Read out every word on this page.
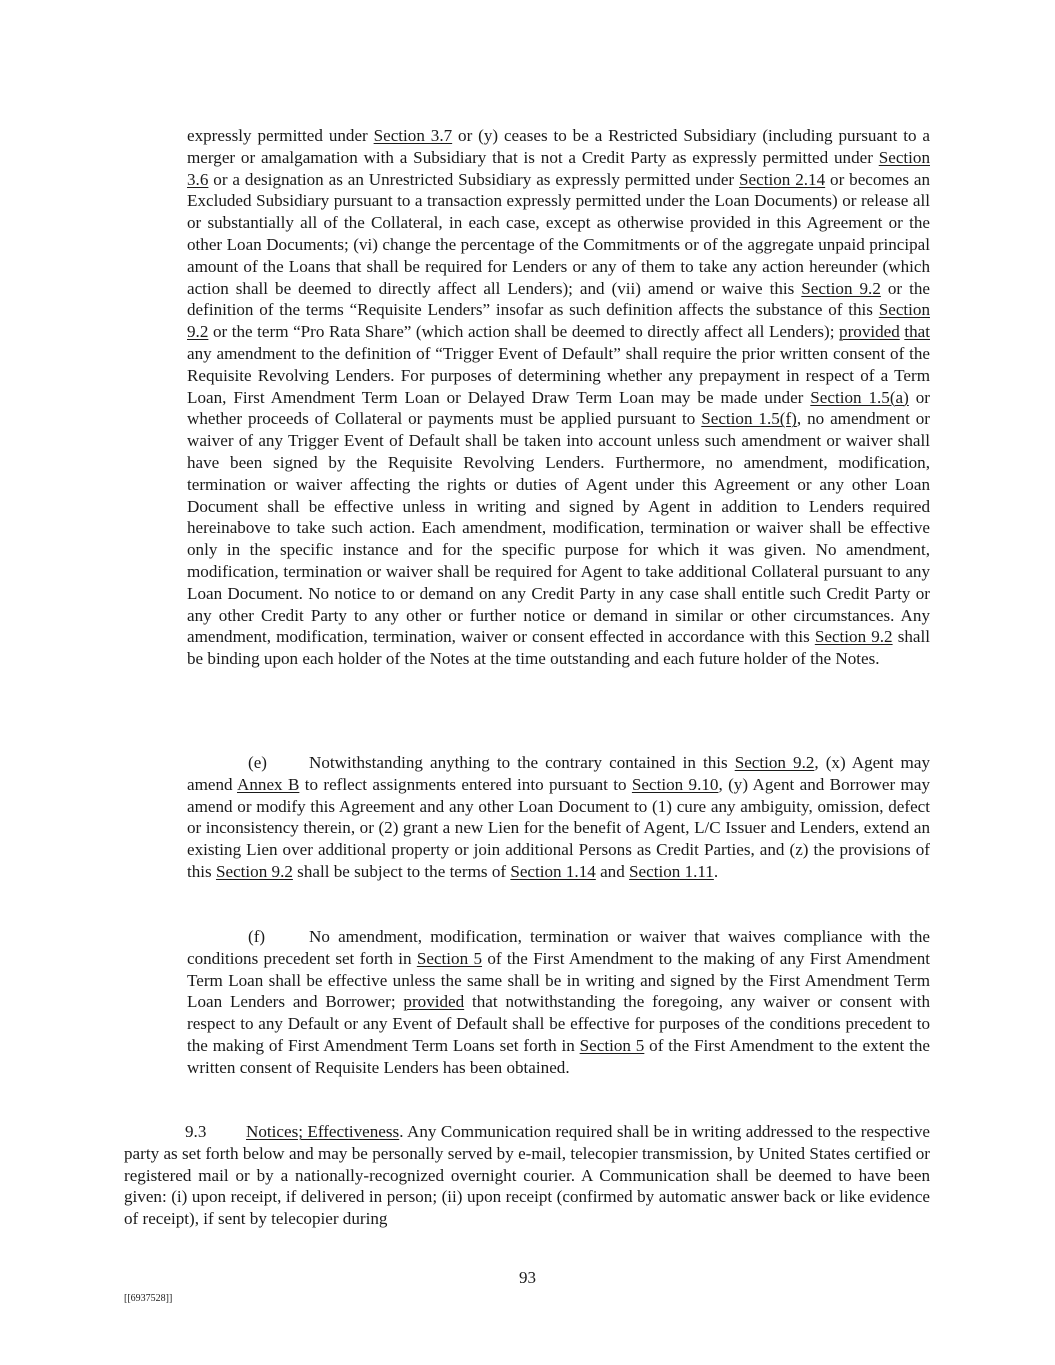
expressly permitted under Section 3.7 or (y) ceases to be a Restricted Subsidiary (including pursuant to a merger or amalgamation with a Subsidiary that is not a Credit Party as expressly permitted under Section 3.6 or a designation as an Unrestricted Subsidiary as expressly permitted under Section 2.14 or becomes an Excluded Subsidiary pursuant to a transaction expressly permitted under the Loan Documents) or release all or substantially all of the Collateral, in each case, except as otherwise provided in this Agreement or the other Loan Documents; (vi) change the percentage of the Commitments or of the aggregate unpaid principal amount of the Loans that shall be required for Lenders or any of them to take any action hereunder (which action shall be deemed to directly affect all Lenders); and (vii) amend or waive this Section 9.2 or the definition of the terms “Requisite Lenders” insofar as such definition affects the substance of this Section 9.2 or the term “Pro Rata Share” (which action shall be deemed to directly affect all Lenders); provided that any amendment to the definition of “Trigger Event of Default” shall require the prior written consent of the Requisite Revolving Lenders. For purposes of determining whether any prepayment in respect of a Term Loan, First Amendment Term Loan or Delayed Draw Term Loan may be made under Section 1.5(a) or whether proceeds of Collateral or payments must be applied pursuant to Section 1.5(f), no amendment or waiver of any Trigger Event of Default shall be taken into account unless such amendment or waiver shall have been signed by the Requisite Revolving Lenders. Furthermore, no amendment, modification, termination or waiver affecting the rights or duties of Agent under this Agreement or any other Loan Document shall be effective unless in writing and signed by Agent in addition to Lenders required hereinabove to take such action. Each amendment, modification, termination or waiver shall be effective only in the specific instance and for the specific purpose for which it was given. No amendment, modification, termination or waiver shall be required for Agent to take additional Collateral pursuant to any Loan Document. No notice to or demand on any Credit Party in any case shall entitle such Credit Party or any other Credit Party to any other or further notice or demand in similar or other circumstances. Any amendment, modification, termination, waiver or consent effected in accordance with this Section 9.2 shall be binding upon each holder of the Notes at the time outstanding and each future holder of the Notes.

(e) Notwithstanding anything to the contrary contained in this Section 9.2, (x) Agent may amend Annex B to reflect assignments entered into pursuant to Section 9.10, (y) Agent and Borrower may amend or modify this Agreement and any other Loan Document to (1) cure any ambiguity, omission, defect or inconsistency therein, or (2) grant a new Lien for the benefit of Agent, L/C Issuer and Lenders, extend an existing Lien over additional property or join additional Persons as Credit Parties, and (z) the provisions of this Section 9.2 shall be subject to the terms of Section 1.14 and Section 1.11.

(f)	No amendment, modification, termination or waiver that waives compliance with the conditions precedent set forth in Section 5 of the First Amendment to the making of any First Amendment Term Loan shall be effective unless the same shall be in writing and signed by the First Amendment Term Loan Lenders and Borrower; provided that notwithstanding the foregoing, any waiver or consent with respect to any Default or any Event of Default shall be effective for purposes of the conditions precedent to the making of First Amendment Term Loans set forth in Section 5 of the First Amendment to the extent the written consent of Requisite Lenders has been obtained.

9.3 Notices; Effectiveness. Any Communication required shall be in writing addressed to the respective party as set forth below and may be personally served by e-mail, telecopier transmission, by United States certified or registered mail or by a nationally-recognized overnight courier. A Communication shall be deemed to have been given: (i) upon receipt, if delivered in person; (ii) upon receipt (confirmed by automatic answer back or like evidence of receipt), if sent by telecopier during

93

[[6937528]]
